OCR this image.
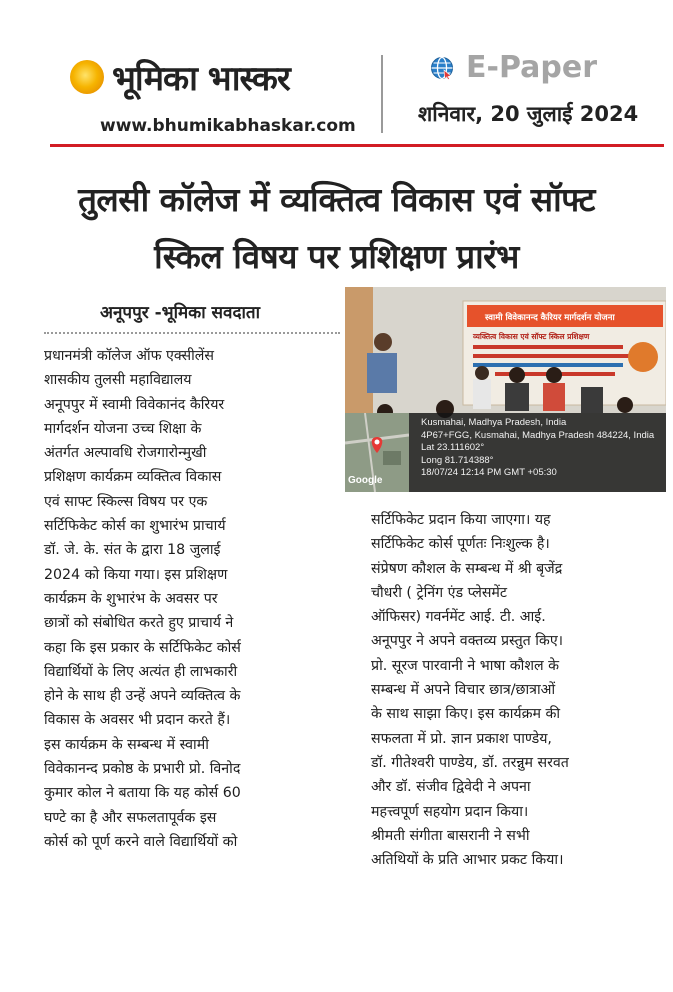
भूमिका भास्कर
www.bhumikabhaskar.com
E-Paper
शनिवार, 20 जुलाई 2024
तुलसी कॉलेज में व्यक्तित्व विकास एवं सॉफ्ट
स्किल विषय पर प्रशिक्षण प्रारंभ
अनूपपुर -भूमिका सवदाता
प्रधानमंत्री कॉलेज ऑफ एक्सीलेंस
शासकीय तुलसी महाविद्यालय
अनूपपुर में स्वामी विवेकानंद कैरियर
मार्गदर्शन योजना उच्च शिक्षा के
अंतर्गत अल्पावधि रोजगारोन्मुखी
प्रशिक्षण कार्यक्रम व्यक्तित्व विकास
एवं साफ्ट स्किल्स विषय पर एक
सर्टिफिकेट कोर्स का शुभारंभ प्राचार्य
डॉ. जे. के. संत के द्वारा 18 जुलाई
2024 को किया गया। इस प्रशिक्षण
कार्यक्रम के शुभारंभ के अवसर पर
छात्रों को संबोधित करते हुए प्राचार्य ने
कहा कि इस प्रकार के सर्टिफिकेट कोर्स
विद्यार्थियों के लिए अत्यंत ही लाभकारी
होने के साथ ही उन्हें अपने व्यक्तित्व के
विकास के अवसर भी प्रदान करते हैं।
इस कार्यक्रम के सम्बन्ध में स्वामी
विवेकानन्द प्रकोष्ठ के प्रभारी प्रो. विनोद
कुमार कोल ने बताया कि यह कोर्स 60
घण्टे का है और सफलतापूर्वक इस
कोर्स को पूर्ण करने वाले विद्यार्थियों को
स्वामी विवेकानन्द कैरियर मार्गदर्शन योजना
व्यक्तित्व विकास एवं सॉफ्ट स्किल प्रशिक्षण
Google
Kusmahai, Madhya Pradesh, India
4P67+FGG, Kusmahai, Madhya Pradesh 484224, India
Lat 23.111602°
Long 81.714388°
18/07/24 12:14 PM GMT +05:30
सर्टिफिकेट प्रदान किया जाएगा। यह
सर्टिफिकेट कोर्स पूर्णतः निःशुल्क है।
संप्रेषण कौशल के सम्बन्ध में श्री बृजेंद्र
चौधरी ( ट्रेनिंग एंड प्लेसमेंट
ऑफिसर) गवर्नमेंट आई. टी. आई.
अनूपपुर ने अपने वक्तव्य प्रस्तुत किए।
प्रो. सूरज पारवानी ने भाषा कौशल के
सम्बन्ध में अपने विचार छात्र/छात्राओं
के साथ साझा किए। इस कार्यक्रम की
सफलता में प्रो. ज्ञान प्रकाश पाण्डेय,
डॉ. गीतेश्वरी पाण्डेय, डॉ. तरन्नुम सरवत
और डॉ. संजीव द्विवेदी ने अपना
महत्त्वपूर्ण सहयोग प्रदान किया।
श्रीमती संगीता बासरानी ने सभी
अतिथियों के प्रति आभार प्रकट किया।
